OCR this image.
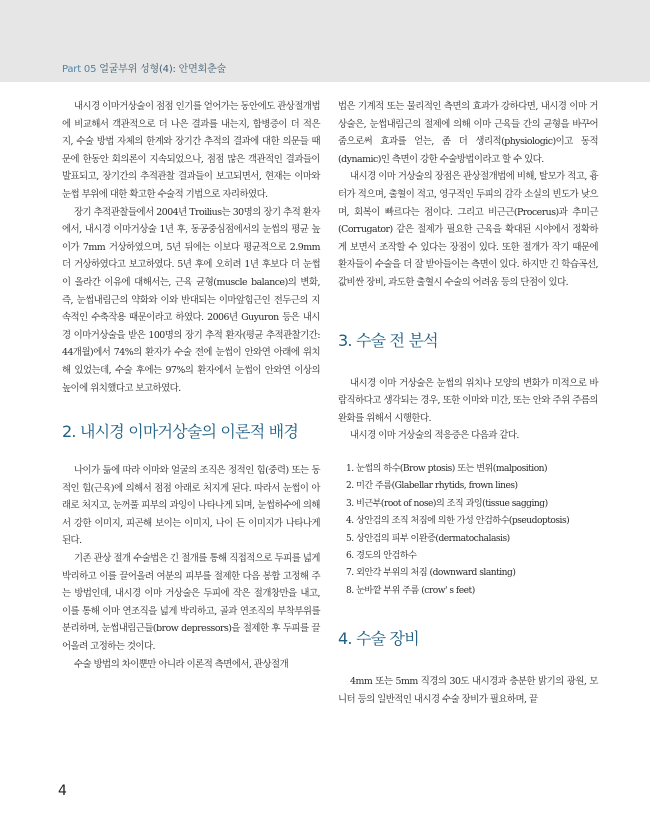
Part 05 얼굴부위 성형(4): 안면회춘술

내시경 이마거상술이 점점 인기를 얻어가는 동안에도 관상절개법에 비교해서 객관적으로 더 나은 결과를 내는지, 합병증이 더 적은지, 수술 방법 자체의 한계와 장기간 추적의 결과에 대한 의문들 때문에 한동안 회의론이 지속되었으나, 점점 많은 객관적인 결과들이 발표되고, 장기간의 추적관찰 결과들이 보고되면서, 현재는 이마와 눈썹 부위에 대한 확고한 수술적 기법으로 자리하였다.

장기 추적관찰들에서 2004년 Troilius는 30명의 장기 추적 환자에서, 내시경 이마거상술 1년 후, 동공중심점에서의 눈썹의 평균 높이가 7mm 거상하였으며, 5년 뒤에는 이보다 평균적으로 2.9mm 더 거상하였다고 보고하였다. 5년 후에 오히려 1년 후보다 더 눈썹이 올라간 이유에 대해서는, 근육 균형(muscle balance)의 변화, 즉, 눈썹내림근의 약화와 이와 반대되는 이마앞힘근인 전두근의 지속적인 수축작용 때문이라고 하였다. 2006년 Guyuron 등은 내시경 이마거상술을 받은 100명의 장기 추적 환자(평균 추적관찰기간: 44개월)에서 74%의 환자가 수술 전에 눈썹이 안와연 아래에 위치해 있었는데, 수술 후에는 97%의 환자에서 눈썹이 안와연 이상의 높이에 위치했다고 보고하였다.

2. 내시경 이마거상술의 이론적 배경

나이가 듦에 따라 이마와 얼굴의 조직은 정적인 힘(중력) 또는 동적인 힘(근육)에 의해서 점점 아래로 처지게 된다. 따라서 눈썹이 아래로 처지고, 눈꺼풀 피부의 과잉이 나타나게 되며, 눈썹하수에 의해서 강한 이미지, 피곤해 보이는 이미지, 나이 든 이미지가 나타나게 된다.

기존 관상 절개 수술법은 긴 절개를 통해 직접적으로 두피를 넓게 박리하고 이를 끌어올려 여분의 피부를 절제한 다음 봉합 고정해 주는 방법인데, 내시경 이마 거상술은 두피에 작은 절개창만을 내고, 이를 통해 이마 연조직을 넓게 박리하고, 골과 연조직의 부착부위를 분리하며, 눈썹내림근들(brow depressors)을 절제한 후 두피를 끌어올려 고정하는 것이다.

수술 방법의 차이뿐만 아니라 이론적 측면에서, 관상절개

법은 기계적 또는 물리적인 측면의 효과가 강하다면, 내시경 이마 거상술은, 눈썹내림근의 절제에 의해 이마 근육들 간의 균형을 바꾸어 줌으로써 효과를 얻는, 좀 더 생리적(physiologic)이고 동적(dynamic)인 측면이 강한 수술방법이라고 할 수 있다.

내시경 이마 거상술의 장점은 관상절개법에 비해, 탈모가 적고, 흉터가 적으며, 출혈이 적고, 영구적인 두피의 감각 소실의 빈도가 낮으며, 회복이 빠르다는 점이다. 그리고 비근근(Procerus)과 추미근(Corrugator) 같은 절제가 필요한 근육을 확대된 시야에서 정확하게 보면서 조작할 수 있다는 장점이 있다. 또한 절개가 작기 때문에 환자들이 수술을 더 잘 받아들이는 측면이 있다. 하지만 긴 학습곡선, 값비싼 장비, 과도한 출혈시 수술의 어려움 등의 단점이 있다.

3. 수술 전 분석

내시경 이마 거상술은 눈썹의 위치나 모양의 변화가 미적으로 바람직하다고 생각되는 경우, 또한 이마와 미간, 또는 안와 주위 주름의 완화를 위해서 시행한다.

내시경 이마 거상술의 적응증은 다음과 같다.

1. 눈썹의 하수(Brow ptosis) 또는 변위(malposition)
2. 미간 주름(Glabellar rhytids, frown lines)
3. 비근부(root of nose)의 조직 과잉(tissue sagging)
4. 상안검의 조직 처짐에 의한 가성 안검하수(pseudoptosis)
5. 상안검의 피부 이완증(dermatochalasis)
6. 경도의 안검하수
7. 외안각 부위의 처짐 (downward slanting)
8. 눈바깥 부위 주름 (crow' s feet)
4. 수술 장비

4mm 또는 5mm 직경의 30도 내시경과 충분한 밝기의 광원, 모니터 등의 일반적인 내시경 수술 장비가 필요하며, 끝

4
